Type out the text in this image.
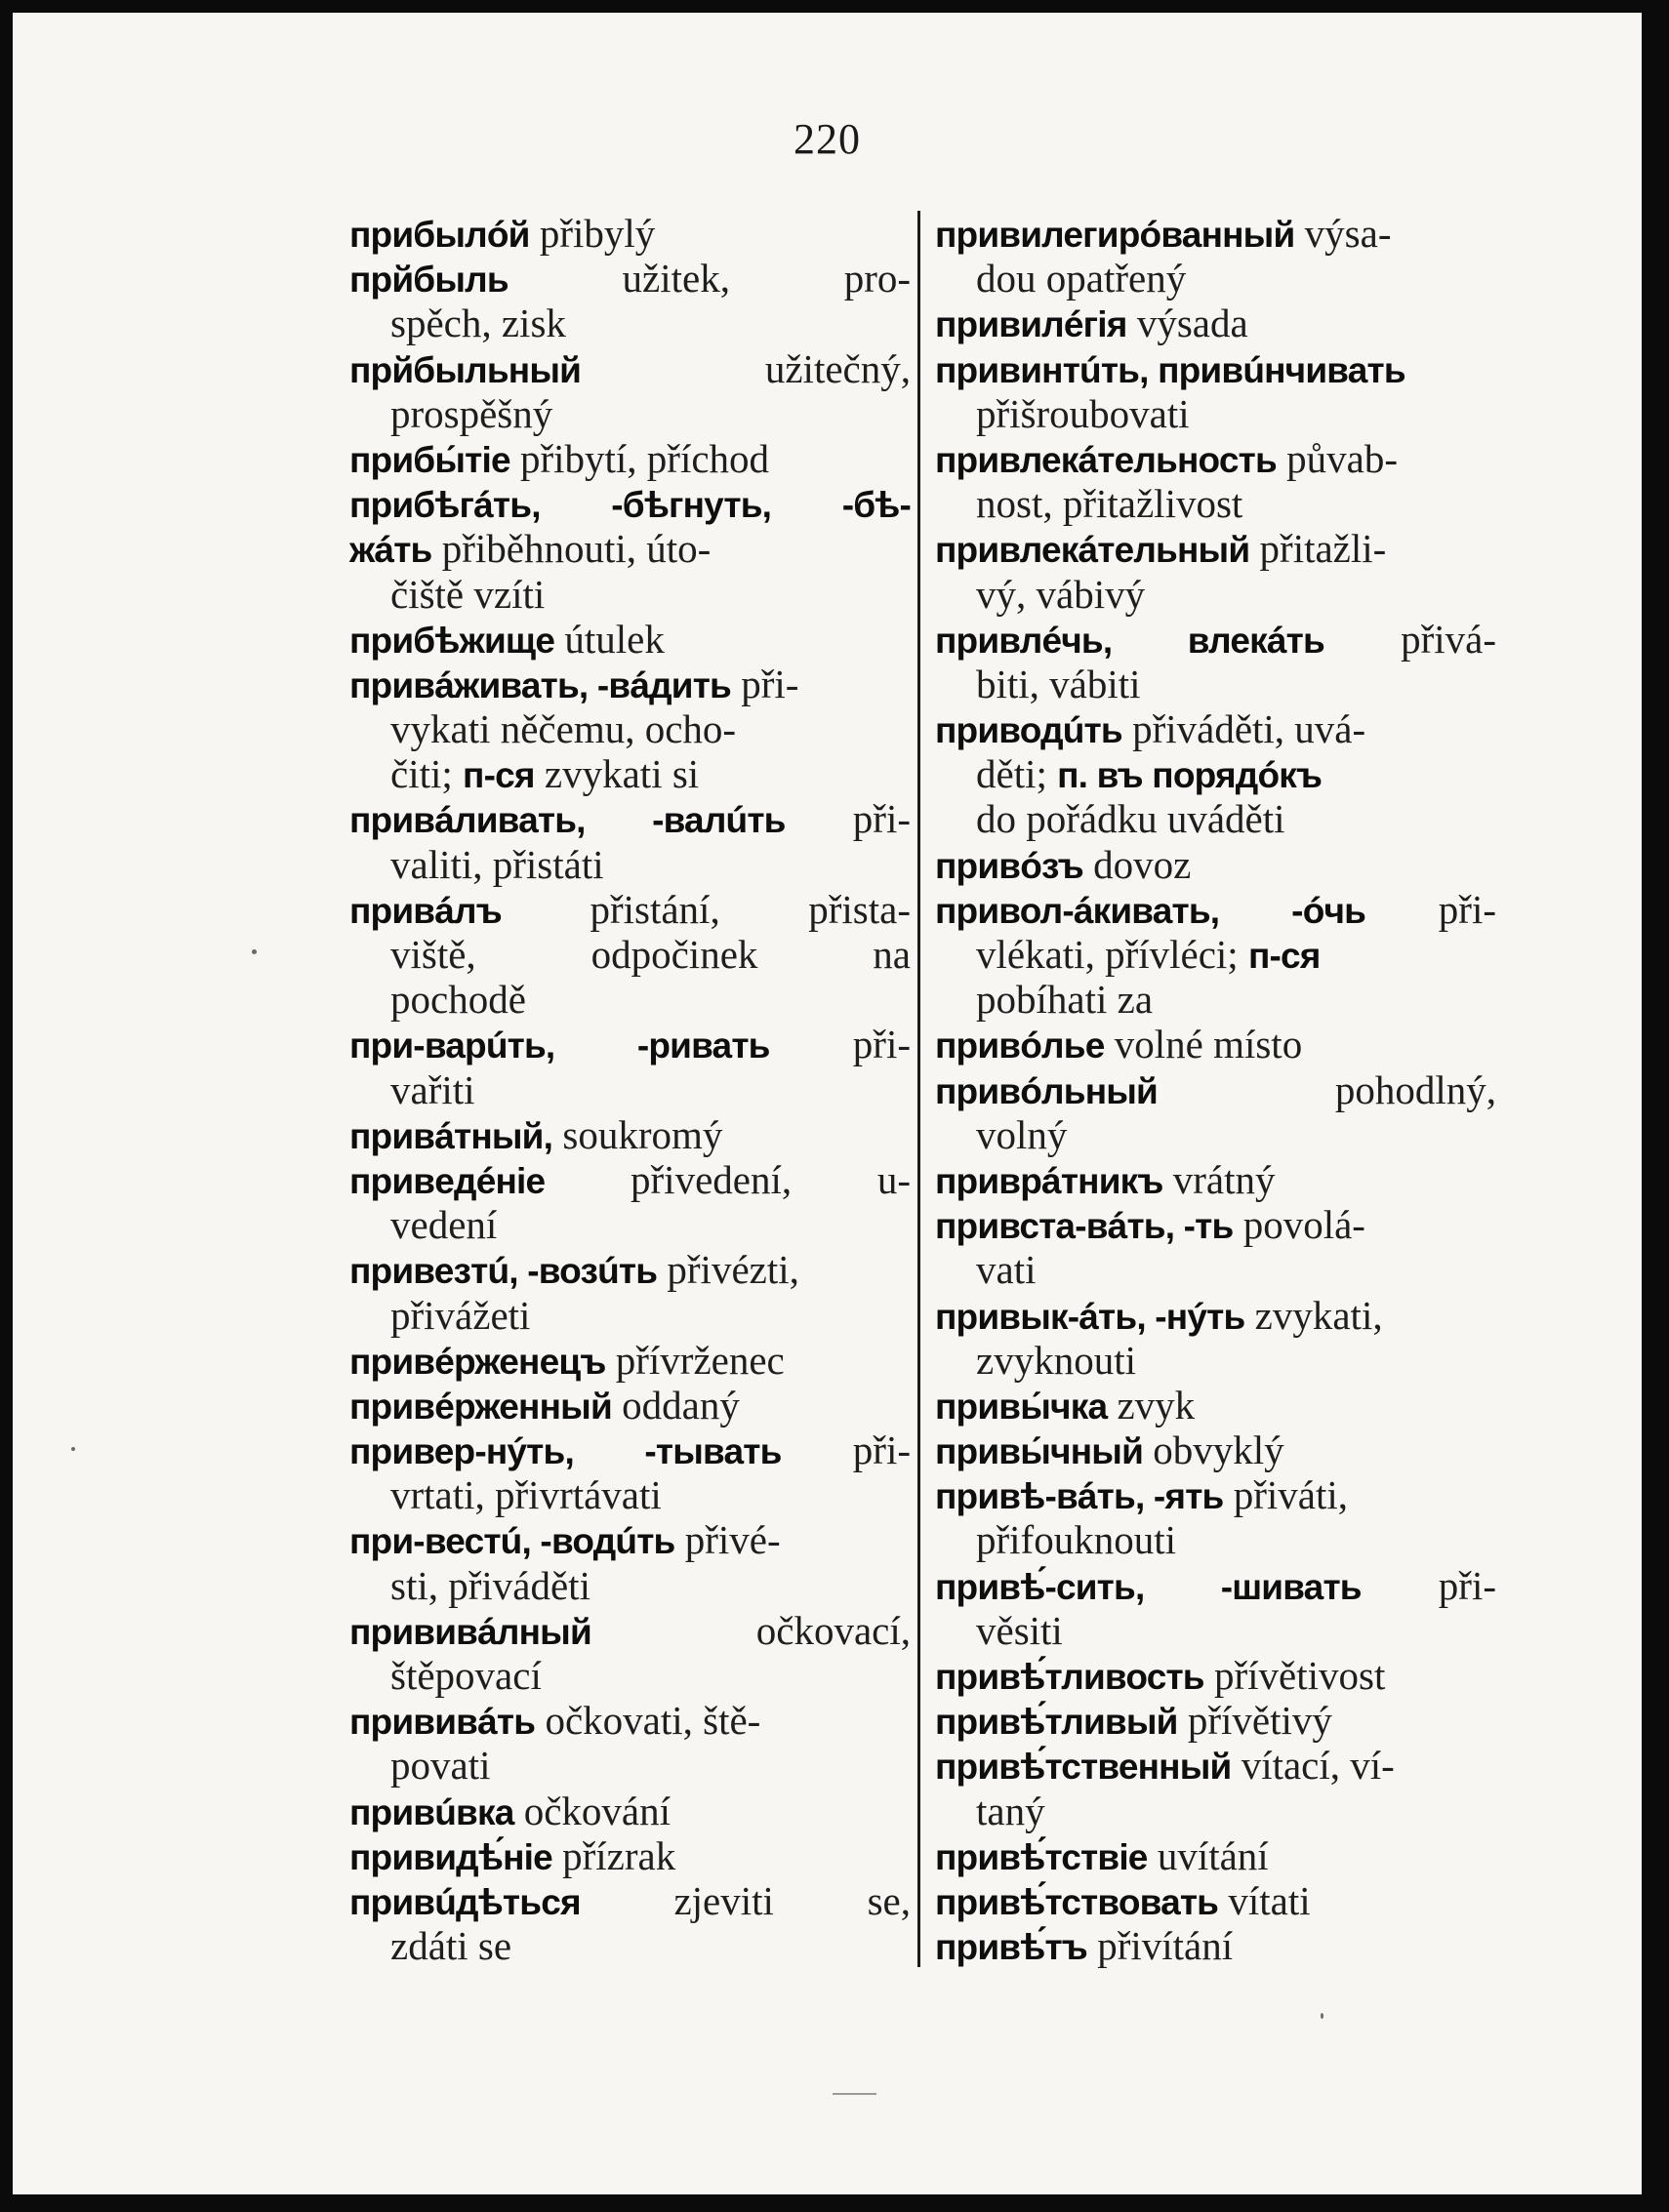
220
прибылóй přibylý
прйбыль užitek, pro-
spěch, zisk
прйбыльный užitečný,
prospěšný
прибы́тіе přibytí, příchod
прибѣгáть, -бѣгнуть, -бѣ-
жáть přiběhnouti, úto-
čiště vzíti
прибѣжище útulek
привáживать, -вáдить při-
vykati něčemu, ocho-
čiti; п-ся zvykati si
привáливать, -валúть při-
valiti, přistáti
привáлъ přistání, přista-
viště, odpočinek na
pochodě
при-варúть, -ривать při-
vařiti
привáтный, soukromý
привeдéніе přivedení, u-
vedení
привезтú, -возúть přivézti,
přivážeti
привéрженецъ přívrženec
привéрженный oddaný
привер-нýть, -тывать při-
vrtati, přivrtávati
при-вестú, -водúть přivé-
sti, přiváděti
прививáлный očkovací,
štěpovací
прививáть očkovati, ště-
povati
привúвка očkování
привидѣ́ніе přízrak
привúдѣться zjeviti se,
zdáti se
привилегирóванный výsa-
dou opatřený
привилéгія výsada
привинтúть, привúнчивать
přišroubovati
привлекáтельность půvab-
nost, přitažlivost
привлекáтельный přitažli-
vý, vábivý
привлéчь, влекáть přivá-
biti, vábiti
приводúть přiváděti, uvá-
děti; п. въ порядóкъ
do pořádku uváděti
привóзъ dovoz
привол-áкивать, -óчь při-
vlékati, přívléci; п-ся
pobíhati za
привóлье volné místo
привóльный pohodlný,
volný
приврáтникъ vrátný
привста-вáть, -ть povolá-
vati
привык-áть, -нýть zvykati,
zvyknouti
привы́чка zvyk
привы́чный obvyklý
привѣ-вáть, -ять přiváti,
přifouknouti
привѣ́-сить, -шивать při-
věsiti
привѣ́тливость přívětivost
привѣ́тливый přívětivý
привѣ́тственный vítací, ví-
taný
привѣ́тствіе uvítání
привѣ́тствовать vítati
привѣ́тъ přivítání
